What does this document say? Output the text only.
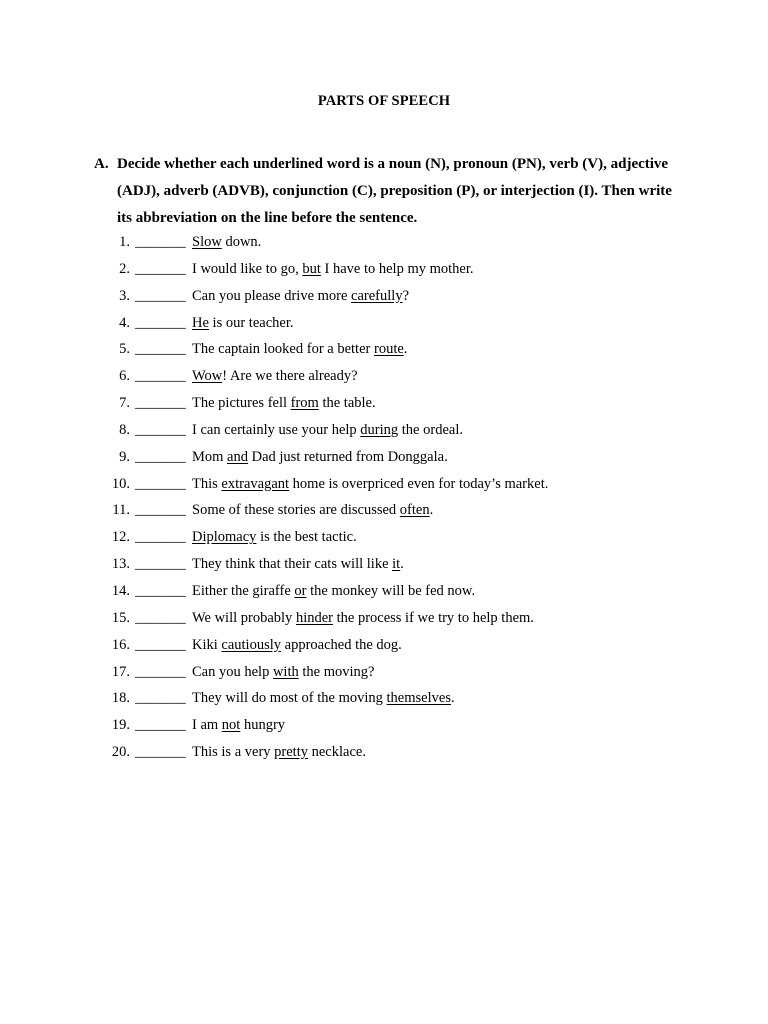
PARTS OF SPEECH
A. Decide whether each underlined word is a noun (N), pronoun (PN), verb (V), adjective (ADJ), adverb (ADVB), conjunction (C), preposition (P), or interjection (I). Then write its abbreviation on the line before the sentence.
1. _______ Slow down.
2. _______ I would like to go, but I have to help my mother.
3. _______ Can you please drive more carefully?
4. _______ He is our teacher.
5. _______ The captain looked for a better route.
6. _______ Wow! Are we there already?
7. _______ The pictures fell from the table.
8. _______ I can certainly use your help during the ordeal.
9. _______ Mom and Dad just returned from Donggala.
10. _______ This extravagant home is overpriced even for today’s market.
11. _______ Some of these stories are discussed often.
12. _______ Diplomacy is the best tactic.
13. _______ They think that their cats will like it.
14. _______ Either the giraffe or the monkey will be fed now.
15. _______ We will probably hinder the process if we try to help them.
16. _______ Kiki cautiously approached the dog.
17. _______ Can you help with the moving?
18. _______ They will do most of the moving themselves.
19. _______ I am not hungry
20. _______ This is a very pretty necklace.
